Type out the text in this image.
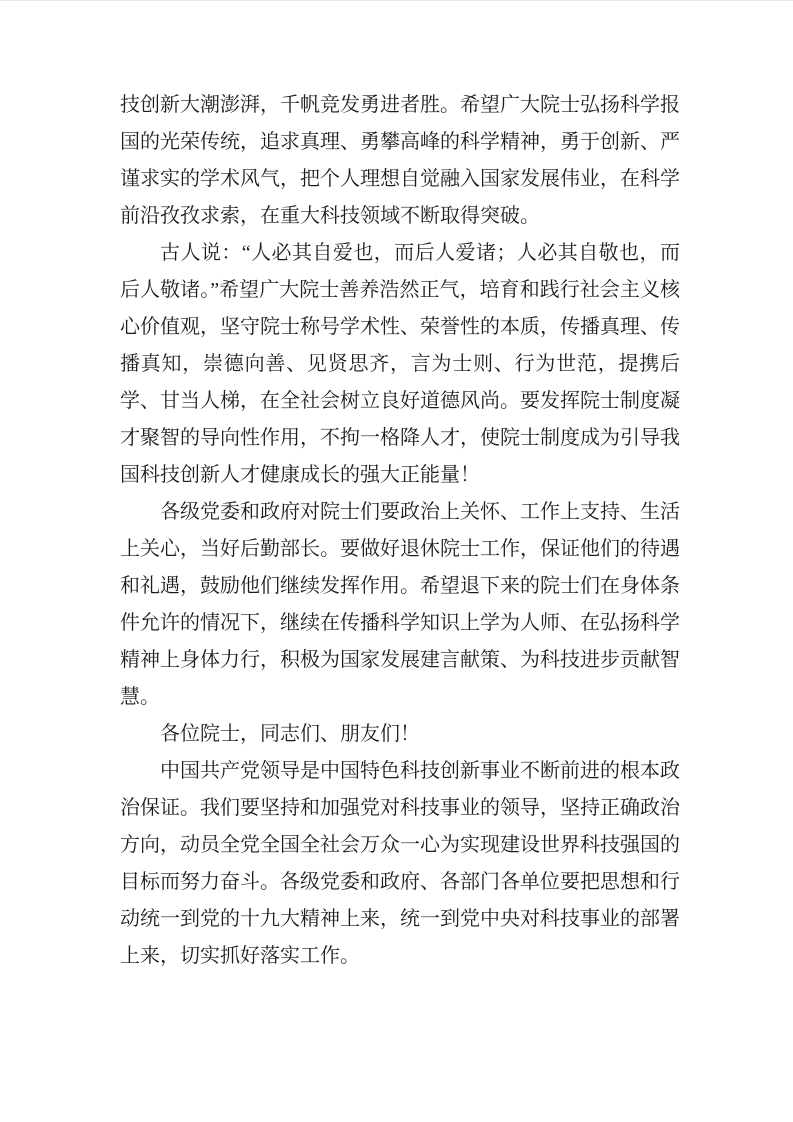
技创新大潮澎湃，千帆竞发勇进者胜。希望广大院士弘扬科学报国的光荣传统，追求真理、勇攀高峰的科学精神，勇于创新、严谨求实的学术风气，把个人理想自觉融入国家发展伟业，在科学前沿孜孜求索，在重大科技领域不断取得突破。

古人说：“人必其自爱也，而后人爱诸；人必其自敬也，而后人敬诸。”希望广大院士善养浩然正气，培育和践行社会主义核心价值观，坚守院士称号学术性、荣誉性的本质，传播真理、传播真知，崇德向善、见贤思齐，言为士则、行为世范，提携后学、甘当人梯，在全社会树立良好道德风尚。要发挥院士制度凝才聚智的导向性作用，不拘一格降人才，使院士制度成为引导我国科技创新人才健康成长的强大正能量！

各级党委和政府对院士们要政治上关怀、工作上支持、生活上关心，当好后勤部长。要做好退休院士工作，保证他们的待遇和礼遇，鼓励他们继续发挥作用。希望退下来的院士们在身体条件允许的情况下，继续在传播科学知识上学为人师、在弘扬科学精神上身体力行，积极为国家发展建言献策、为科技进步贡献智慧。

各位院士，同志们、朋友们！

中国共产党领导是中国特色科技创新事业不断前进的根本政治保证。我们要坚持和加强党对科技事业的领导，坚持正确政治方向，动员全党全国全社会万众一心为实现建设世界科技强国的目标而努力奋斗。各级党委和政府、各部门各单位要把思想和行动统一到党的十九大精神上来，统一到党中央对科技事业的部署上来，切实抓好落实工作。
